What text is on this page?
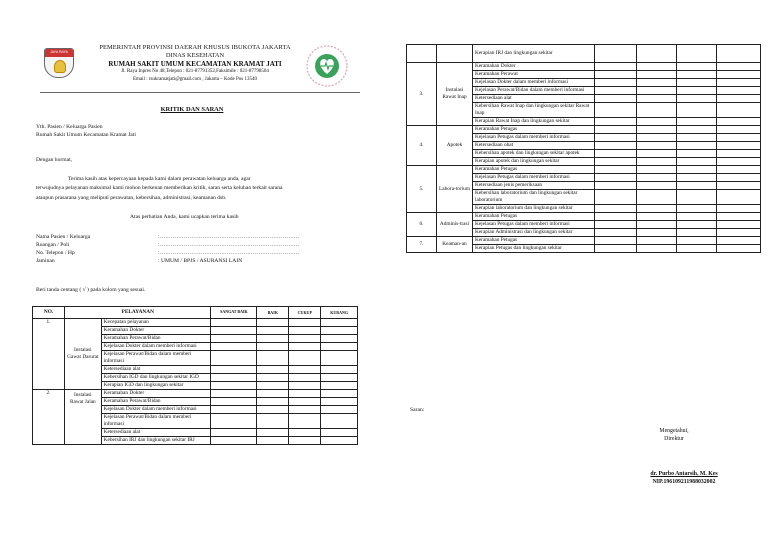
JAYA RAYA
PEMERINTAH PROVINSI DAERAH KHUSUS IBUKOTA JAKARTA
DINAS KESEHATAN
RUMAH SAKIT UMUM KECAMATAN KRAMAT JATI
Jl. Raya Inpres No 48,Telepon : 021-87791352,Faksimile : 021-87798504
Email : rsukramatjati@gmail.com , Jakarta – Kode Pos 13540
KRITIK DAN SARAN
Yth. Pasien / Keluarga Pasien
Rumah Sakit Umum Kecamatan Kramat Jati
Dengan hormat,
Terima kasih atas kepercayaan kepada kami dalam perawatan keluarga anda, agar
terwujudnya pelayanan maksimal kami mohon berkenan memberikan kritik, saran serta keluhan terkait sarana
ataupun prasarana yang meliputi perawatan, kebersihan, administrasi, keamanan dsb.
Atas perhatian Anda, kami ucapkan terima kasih
Nama Pasien / Keluarga	:…………………………………………………………………
Ruangan / Poli	:…………………………………………………………………
No. Telepon / Hp	:…………………………………………………………………
Jaminan	: UMUM / BPJS / ASURANSI LAIN
Beri tanda centang ( √ ) pada kolom yang sesuai.
NO.	PELAYANAN		SANGAT BAIK	BAIK	CUKUP	KURANG
1.	Instalasi Gawat Darurat	Kecepatan pelayanan				
		Keramahan Dokter				
		Keramahan Perawat/Bidan				
		Kejelasan Dokter dalam memberi informasi				
		Kejelasan Perawat/Bidan dalam memberi informasi				
		Ketersediaan alat				
		Kebersihan IGD dan lingkungan sekitar IGD				
		Kerapian IGD dan lingkungan sekitar				
2.	Instalasi Rawat Jalan	Keramahan Dokter				
		Keramahan Perawat/Bidan				
		Kejelasan Dokter dalam memberi informasi				
		Kejelasan Perawat/Bidan dalam memberi informasi				
		Ketersediaan alat				
		Kebersihan IRJ dan lingkungan sekitar IRJ				
		Kerapian IRJ dan lingkungan sekitar				
3.	Instalasi Rawat Inap	Keramahan Dokter				
		Keramahan Perawat				
		Kejelasan Dokter dalam memberi informasi				
		Kejelasan Perawat/Bidan dalam memberi informasi				
		Ketersediaan alat				
		Kebersihan Rawat Inap dan lingkungan sekitar Rawat Inap				
		Kerapian Rawat Inap dan lingkungan sekitar				
4.	Apotek	Keramahan Petugas				
		Kejelasan Petugas dalam memberi informasi				
		Ketersediaan obat				
		Kebersihan apotek dan lingkungan sekitar apotek				
		Kerapian apotek dan lingkungan sekitar				
5.	Labora-torium	Keramahan Petugas				
		Kejelasan Petugas dalam memberi informasi				
		Ketersediaan jenis pemeriksaan				
		Kebersihan laboratorium dan lingkungan sekitar laboratorium				
		Kerapian laboratorium dan lingkungan sekitar				
6.	Adminis-trasi	Keramahan Petugas				
		Kejelasan Petugas dalam memberi informasi				
		Kerapian Administrasi dan lingkungan sekitar				
7.	Keaman-an	Keramahan Petugas				
		Kerapian Petugas dan lingkungan sekitar				
Saran:
Mengetahui,
Direktur
dr. Purbo Antarsih, M. Kes
NIP.196109211988032002
